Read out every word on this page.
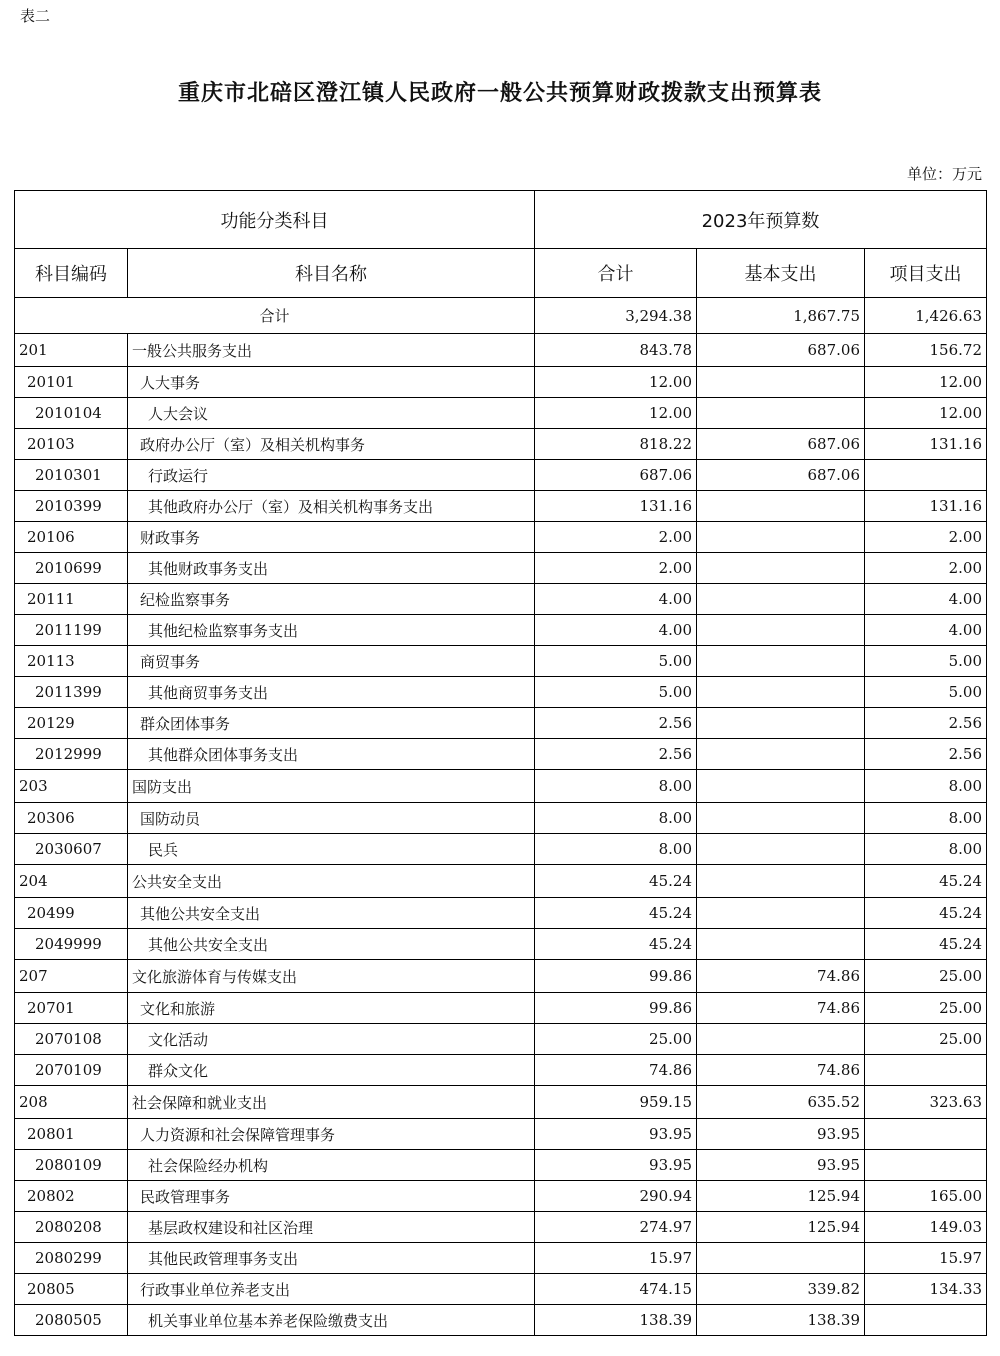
表二
重庆市北碚区澄江镇人民政府一般公共预算财政拨款支出预算表
单位：万元
功能分类科目		2023年预算数		
科目编码	科目名称	合计	基本支出	项目支出
合计		3,294.38	1,867.75	1,426.63
201	一般公共服务支出	843.78	687.06	156.72
20101	人大事务	12.00		12.00
2010104	人大会议	12.00		12.00
20103	政府办公厅（室）及相关机构事务	818.22	687.06	131.16
2010301	行政运行	687.06	687.06	
2010399	其他政府办公厅（室）及相关机构事务支出	131.16		131.16
20106	财政事务	2.00		2.00
2010699	其他财政事务支出	2.00		2.00
20111	纪检监察事务	4.00		4.00
2011199	其他纪检监察事务支出	4.00		4.00
20113	商贸事务	5.00		5.00
2011399	其他商贸事务支出	5.00		5.00
20129	群众团体事务	2.56		2.56
2012999	其他群众团体事务支出	2.56		2.56
203	国防支出	8.00		8.00
20306	国防动员	8.00		8.00
2030607	民兵	8.00		8.00
204	公共安全支出	45.24		45.24
20499	其他公共安全支出	45.24		45.24
2049999	其他公共安全支出	45.24		45.24
207	文化旅游体育与传媒支出	99.86	74.86	25.00
20701	文化和旅游	99.86	74.86	25.00
2070108	文化活动	25.00		25.00
2070109	群众文化	74.86	74.86	
208	社会保障和就业支出	959.15	635.52	323.63
20801	人力资源和社会保障管理事务	93.95	93.95	
2080109	社会保险经办机构	93.95	93.95	
20802	民政管理事务	290.94	125.94	165.00
2080208	基层政权建设和社区治理	274.97	125.94	149.03
2080299	其他民政管理事务支出	15.97		15.97
20805	行政事业单位养老支出	474.15	339.82	134.33
2080505	机关事业单位基本养老保险缴费支出	138.39	138.39	
